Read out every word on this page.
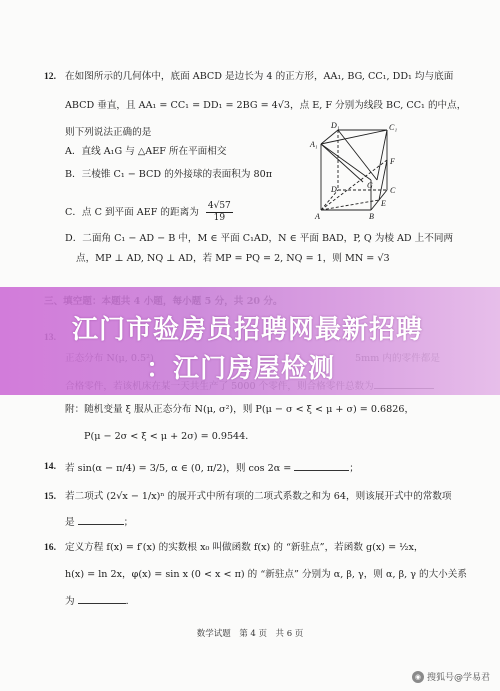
12. 在如图所示的几何体中，底面 ABCD 是边长为 4 的正方形，AA₁, BG, CC₁, DD₁ 均与底面
ABCD 垂直，且 AA₁ = CC₁ = DD₁ = 2BG = 4√3，点 E, F 分别为线段 BC, CC₁ 的中点，
则下列说法正确的是
A．直线 A₁G 与 △AEF 所在平面相交
B．三棱锥 C₁ − BCD 的外接球的表面积为 80π
C．点 C 到平面 AEF 的距离为 $\frac{4√57}{19}$
D．二面角 C₁ − AD − B 中，M ∈ 平面 C₁AD，N ∈ 平面 BAD，P, Q 为棱 AD 上不同两
点，MP ⊥ AD, NQ ⊥ AD，若 MP = PQ = 2, NQ = 1，则 MN = √3
A₁
D₁	C₁
D	C
G
F
E
A	B
附：随机变量 ξ 服从正态分布 N(μ, σ²)，则 P(μ − σ < ξ < μ + σ) = 0.6826，
P(μ − 2σ < ξ < μ + 2σ) = 0.9544．
14. 若 sin(α − π/4) = 3/5, α ∈ (0, π/2)，则 cos 2α =	；
15. 若二项式 (2√x − 1/x)ⁿ 的展开式中所有项的二项式系数之和为 64，则该展开式中的常数项
是	；
16. 定义方程 f(x) = f′(x) 的实数根 x₀ 叫做函数 f(x) 的 “新驻点”，若函数 g(x) = ½x，
h(x) = ln 2x，φ(x) = sin x (0 < x < π) 的 “新驻点” 分别为 α, β, γ，则 α, β, γ 的大小关系
为	．
江门市验房员招聘网最新招聘
：江门房屋检测
数学试题　第 4 页　共 6 页
◉ 搜狐号@学易君
